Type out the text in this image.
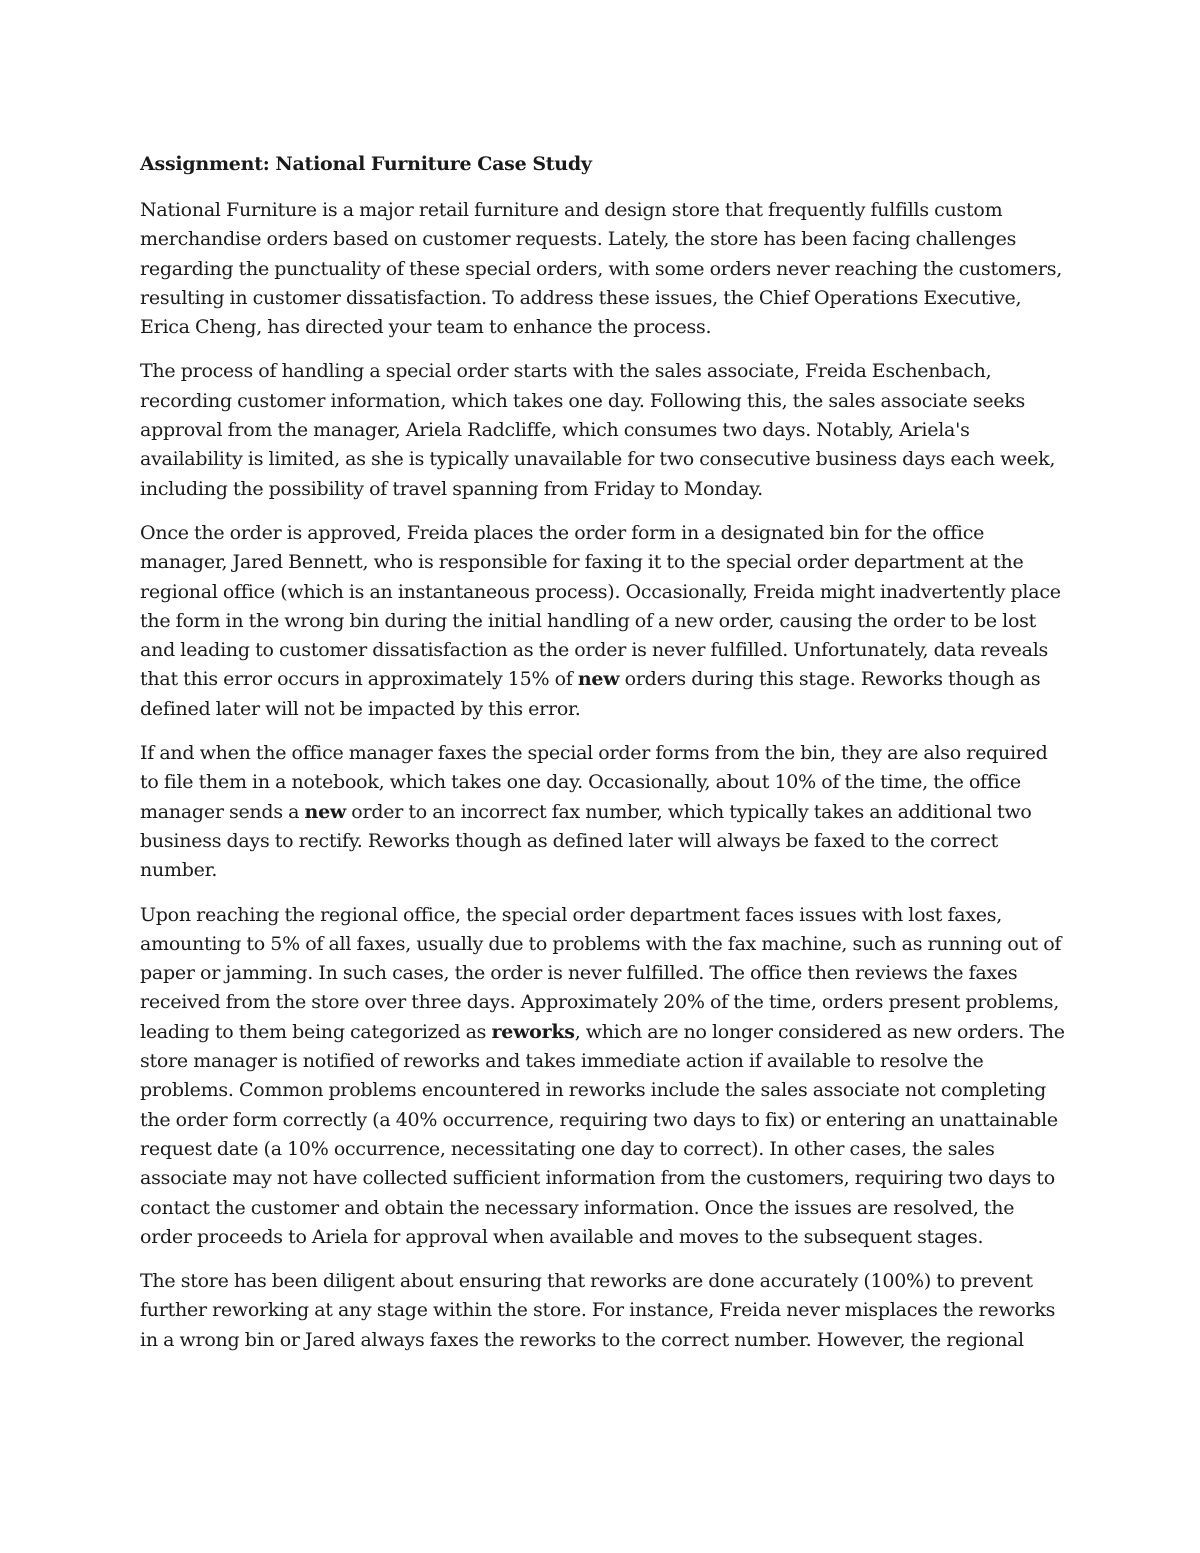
Assignment: National Furniture Case Study

National Furniture is a major retail furniture and design store that frequently fulfills custom merchandise orders based on customer requests. Lately, the store has been facing challenges regarding the punctuality of these special orders, with some orders never reaching the customers, resulting in customer dissatisfaction. To address these issues, the Chief Operations Executive, Erica Cheng, has directed your team to enhance the process.

The process of handling a special order starts with the sales associate, Freida Eschenbach, recording customer information, which takes one day. Following this, the sales associate seeks approval from the manager, Ariela Radcliffe, which consumes two days. Notably, Ariela's availability is limited, as she is typically unavailable for two consecutive business days each week, including the possibility of travel spanning from Friday to Monday.

Once the order is approved, Freida places the order form in a designated bin for the office manager, Jared Bennett, who is responsible for faxing it to the special order department at the regional office (which is an instantaneous process). Occasionally, Freida might inadvertently place the form in the wrong bin during the initial handling of a new order, causing the order to be lost and leading to customer dissatisfaction as the order is never fulfilled. Unfortunately, data reveals that this error occurs in approximately 15% of new orders during this stage. Reworks though as defined later will not be impacted by this error.

If and when the office manager faxes the special order forms from the bin, they are also required to file them in a notebook, which takes one day. Occasionally, about 10% of the time, the office manager sends a new order to an incorrect fax number, which typically takes an additional two business days to rectify. Reworks though as defined later will always be faxed to the correct number.

Upon reaching the regional office, the special order department faces issues with lost faxes, amounting to 5% of all faxes, usually due to problems with the fax machine, such as running out of paper or jamming. In such cases, the order is never fulfilled. The office then reviews the faxes received from the store over three days. Approximately 20% of the time, orders present problems, leading to them being categorized as reworks, which are no longer considered as new orders. The store manager is notified of reworks and takes immediate action if available to resolve the problems. Common problems encountered in reworks include the sales associate not completing the order form correctly (a 40% occurrence, requiring two days to fix) or entering an unattainable request date (a 10% occurrence, necessitating one day to correct). In other cases, the sales associate may not have collected sufficient information from the customers, requiring two days to contact the customer and obtain the necessary information. Once the issues are resolved, the order proceeds to Ariela for approval when available and moves to the subsequent stages.

The store has been diligent about ensuring that reworks are done accurately (100%) to prevent further reworking at any stage within the store. For instance, Freida never misplaces the reworks in a wrong bin or Jared always faxes the reworks to the correct number. However, the regional
